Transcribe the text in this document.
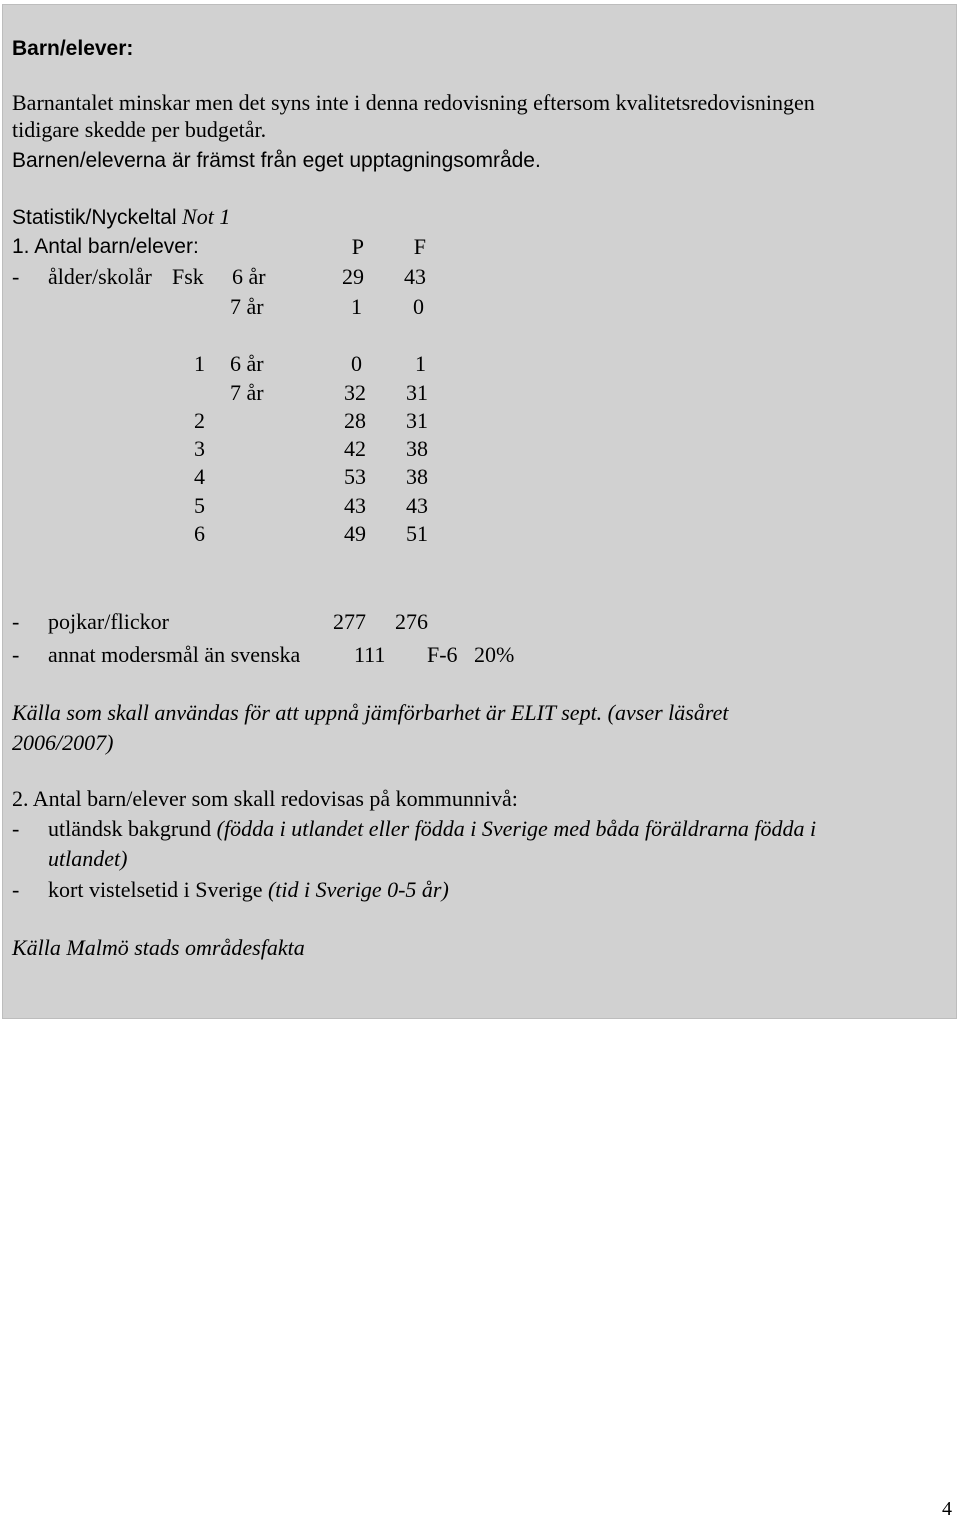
Barn/elever:
Barnantalet minskar men det syns inte i denna redovisning eftersom kvalitetsredovisningen
tidigare skedde per budgetår.
Barnen/eleverna är främst från eget upptagningsområde.
Statistik/Nyckeltal Not 1
1. Antal barn/elever:	P	F
- ålder/skolår Fsk 6 år	29	43
7 år	1	0
1 6 år	0	1
7 år	32	31
2	28	31
3	42	38
4	53	38
5	43	43
6	49	51
- pojkar/flickor	277	276
- annat modersmål än svenska 111 F-6 20%
Källa som skall användas för att uppnå jämförbarhet är ELIT sept. (avser läsåret
2006/2007)
2. Antal barn/elever som skall redovisas på kommunnivå:
- utländsk bakgrund (födda i utlandet eller födda i Sverige med båda föräldrarna födda i
utlandet)
- kort vistelsetid i Sverige (tid i Sverige 0-5 år)
Källa Malmö stads områdesfakta
4
